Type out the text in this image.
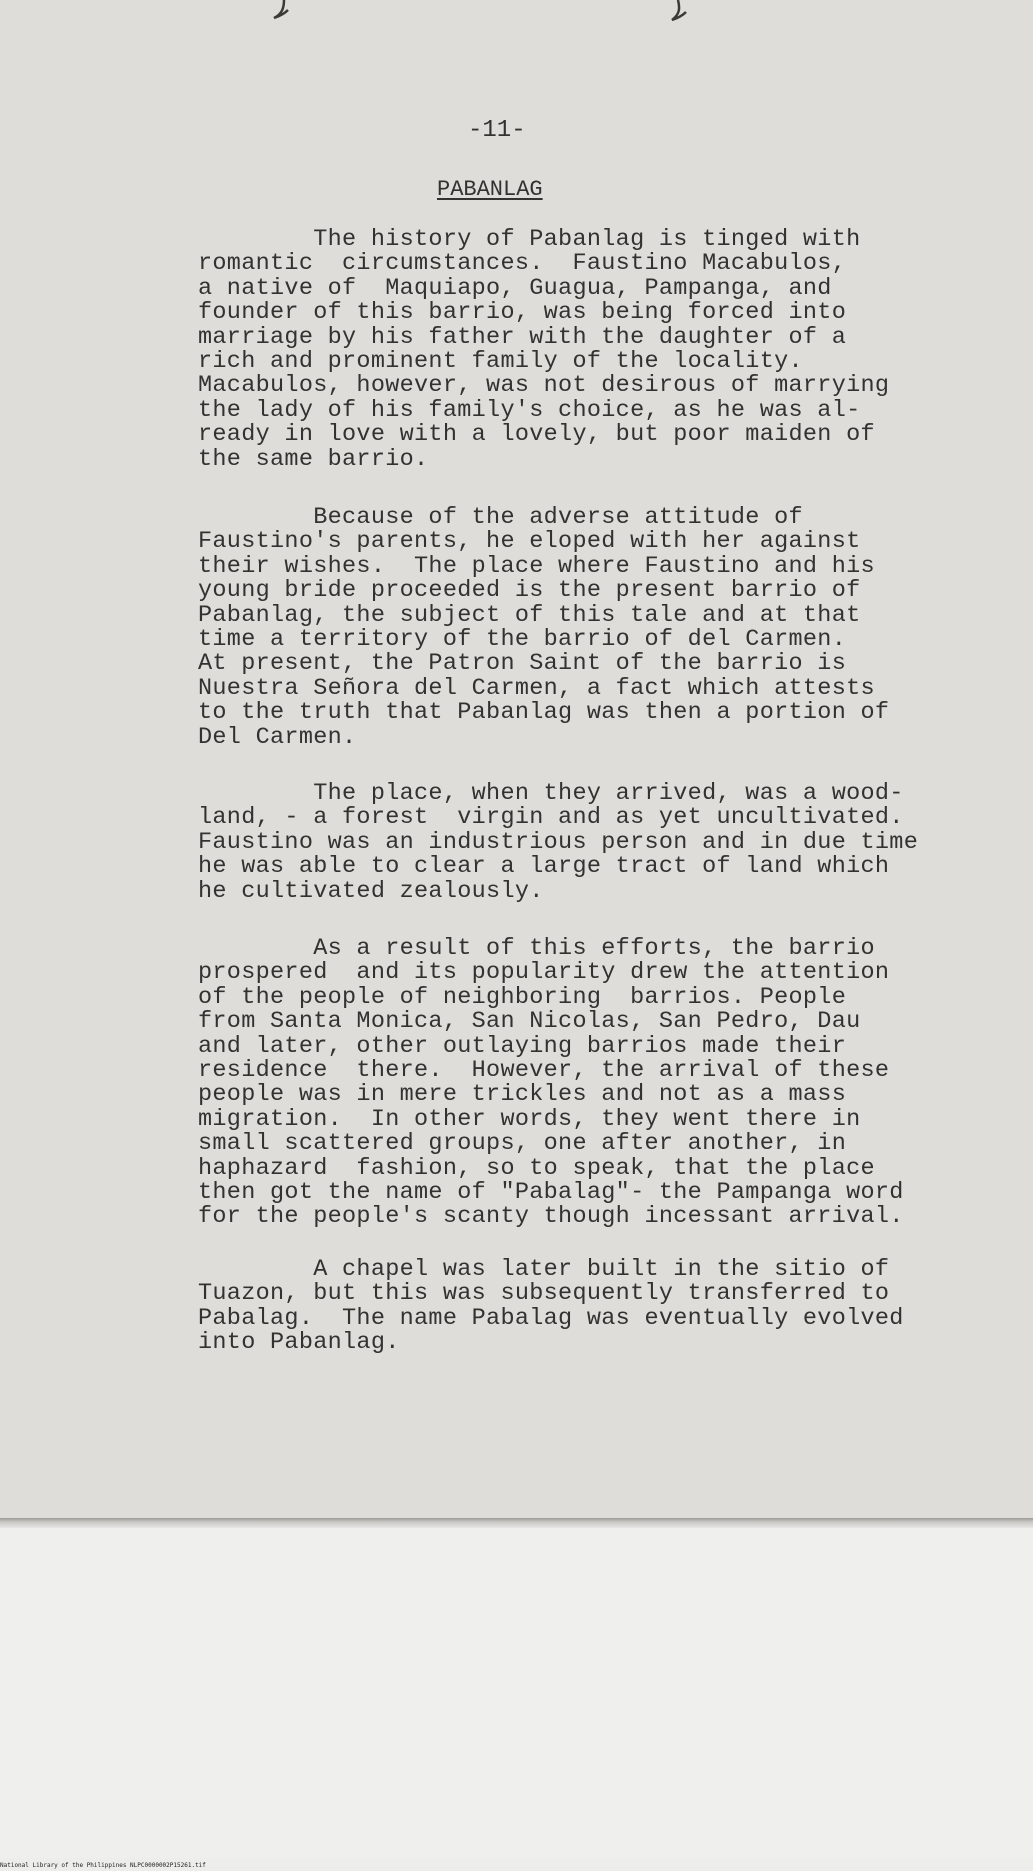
-11-
PABANLAG
The history of Pabanlag is tinged with
romantic  circumstances.  Faustino Macabulos,
a native of  Maquiapo, Guagua, Pampanga, and
founder of this barrio, was being forced into
marriage by his father with the daughter of a
rich and prominent family of the locality.
Macabulos, however, was not desirous of marrying
the lady of his family's choice, as he was al-
ready in love with a lovely, but poor maiden of
the same barrio.
Because of the adverse attitude of
Faustino's parents, he eloped with her against
their wishes.  The place where Faustino and his
young bride proceeded is the present barrio of
Pabanlag, the subject of this tale and at that
time a territory of the barrio of del Carmen.
At present, the Patron Saint of the barrio is
Nuestra Señora del Carmen, a fact which attests
to the truth that Pabanlag was then a portion of
Del Carmen.
The place, when they arrived, was a wood-
land, - a forest  virgin and as yet uncultivated.
Faustino was an industrious person and in due time
he was able to clear a large tract of land which
he cultivated zealously.
As a result of this efforts, the barrio
prospered  and its popularity drew the attention
of the people of neighboring  barrios. People
from Santa Monica, San Nicolas, San Pedro, Dau
and later, other outlaying barrios made their
residence  there.  However, the arrival of these
people was in mere trickles and not as a mass
migration.  In other words, they went there in
small scattered groups, one after another, in
haphazard  fashion, so to speak, that the place
then got the name of "Pabalag"- the Pampanga word
for the people's scanty though incessant arrival.
A chapel was later built in the sitio of
Tuazon, but this was subsequently transferred to
Pabalag.  The name Pabalag was eventually evolved
into Pabanlag.
National Library of the Philippines NLPC0000002P15261.tif
